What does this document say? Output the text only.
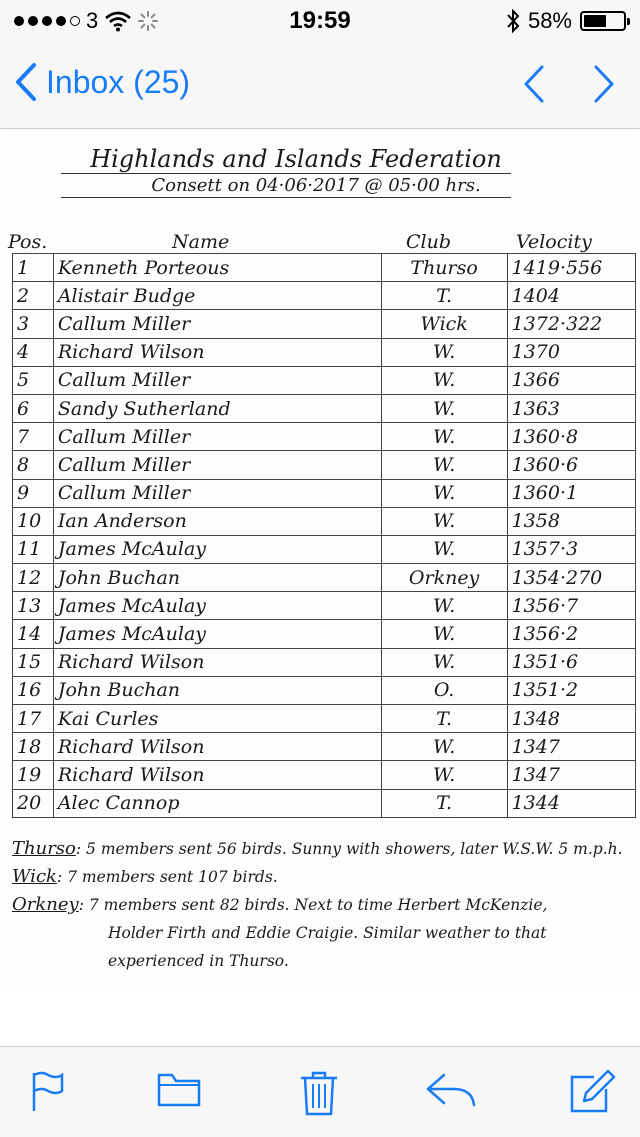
3	19:59	58%
Inbox (25)
Highlands and Islands Federation
Consett on 04·06·2017 @ 05·00 hrs.
Pos.	Name	Club	Velocity
1	Kenneth Porteous	Thurso	1419·556
2	Alistair Budge	T.	1404
3	Callum Miller	Wick	1372·322
4	Richard Wilson	W.	1370
5	Callum Miller	W.	1366
6	Sandy Sutherland	W.	1363
7	Callum Miller	W.	1360·8
8	Callum Miller	W.	1360·6
9	Callum Miller	W.	1360·1
10	Ian Anderson	W.	1358
11	James McAulay	W.	1357·3
12	John Buchan	Orkney	1354·270
13	James McAulay	W.	1356·7
14	James McAulay	W.	1356·2
15	Richard Wilson	W.	1351·6
16	John Buchan	O.	1351·2
17	Kai Curles	T.	1348
18	Richard Wilson	W.	1347
19	Richard Wilson	W.	1347
20	Alec Cannop	T.	1344
Thurso: 5 members sent 56 birds. Sunny with showers, later W.S.W. 5 m.p.h.
Wick: 7 members sent 107 birds.
Orkney: 7 members sent 82 birds. Next to time Herbert McKenzie,
Holder Firth and Eddie Craigie. Similar weather to that
experienced in Thurso.
